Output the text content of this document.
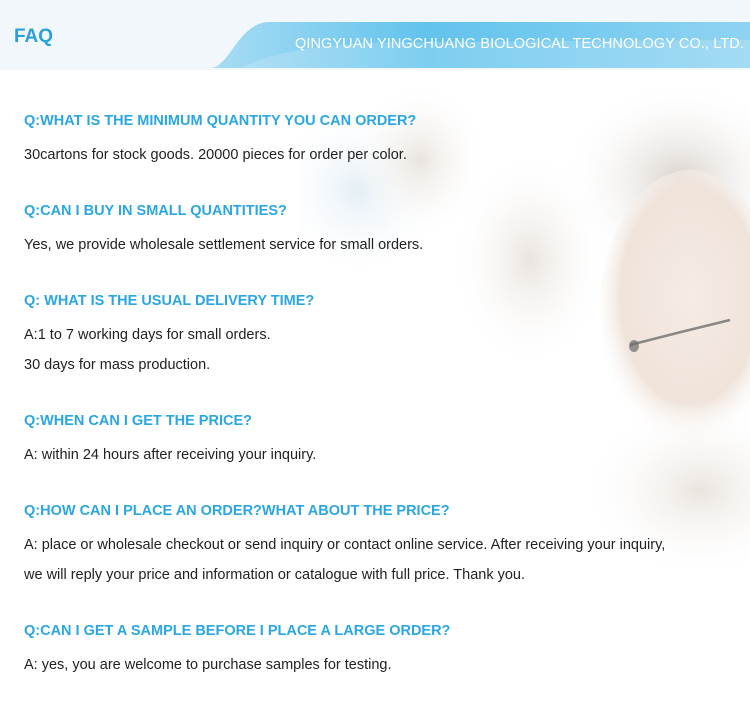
FAQ	QINGYUAN YINGCHUANG BIOLOGICAL TECHNOLOGY CO., LTD.
Q:WHAT IS THE MINIMUM QUANTITY YOU CAN ORDER?
30cartons for stock goods. 20000 pieces for order per color.
Q:CAN I BUY IN SMALL QUANTITIES?
Yes, we provide wholesale settlement service for small orders.
Q: WHAT IS THE USUAL DELIVERY TIME?
A:1 to 7 working days for small orders.
30 days for mass production.
Q:WHEN CAN I GET THE PRICE?
A: within 24 hours after receiving your inquiry.
Q:HOW CAN I PLACE AN ORDER?WHAT ABOUT THE PRICE?
A: place or wholesale checkout or send inquiry or contact online service. After receiving your inquiry,
we will reply your price and information or catalogue with full price. Thank you.
Q:CAN I GET A SAMPLE BEFORE I PLACE A LARGE ORDER?
A: yes, you are welcome to purchase samples for testing.
